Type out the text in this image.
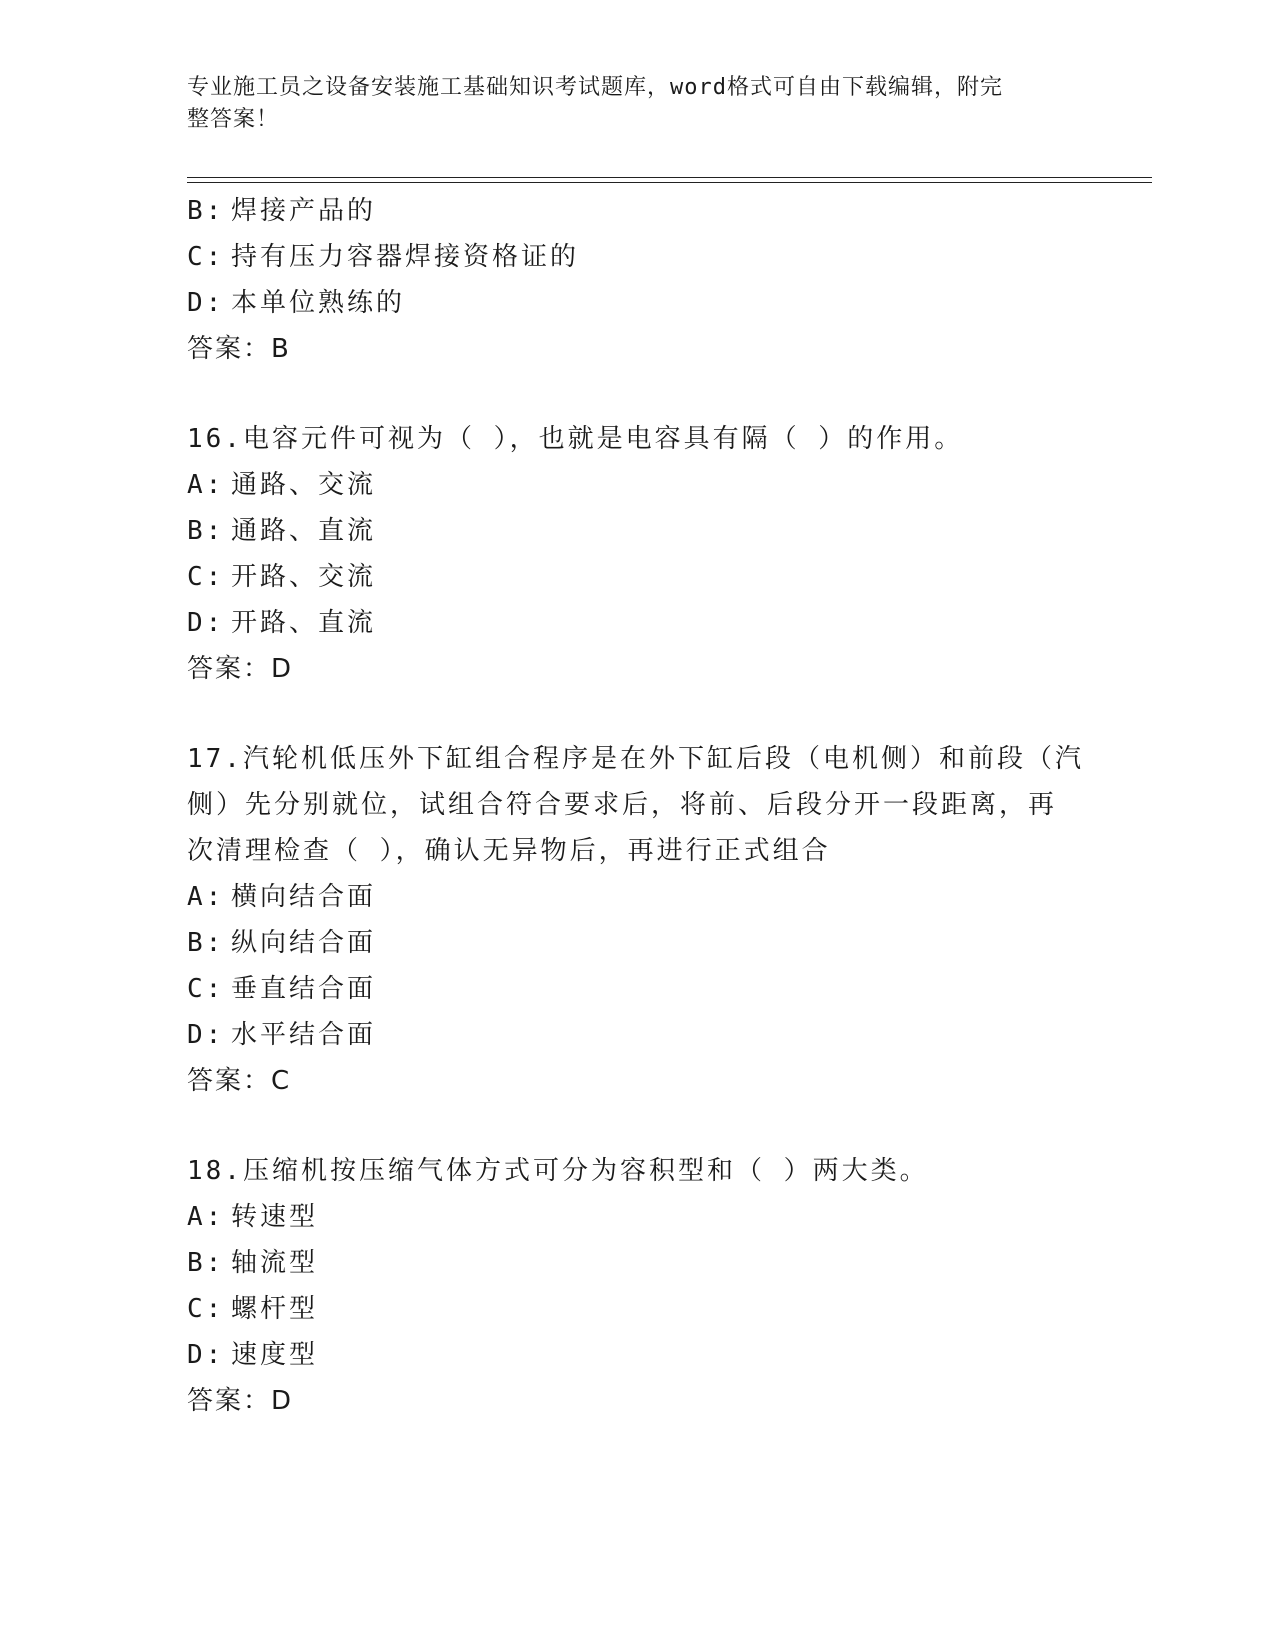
专业施工员之设备安装施工基础知识考试题库，word格式可自由下载编辑，附完
整答案！
B: 焊接产品的
C: 持有压力容器焊接资格证的
D: 本单位熟练的
答案：B
16.电容元件可视为（ ），也就是电容具有隔（ ）的作用。
A: 通路、交流
B: 通路、直流
C: 开路、交流
D: 开路、直流
答案：D
17.汽轮机低压外下缸组合程序是在外下缸后段（电机侧）和前段（汽
侧）先分别就位，试组合符合要求后，将前、后段分开一段距离，再
次清理检查（ ），确认无异物后，再进行正式组合
A: 横向结合面
B: 纵向结合面
C: 垂直结合面
D: 水平结合面
答案：C
18.压缩机按压缩气体方式可分为容积型和（ ）两大类。
A: 转速型
B: 轴流型
C: 螺杆型
D: 速度型
答案：D
